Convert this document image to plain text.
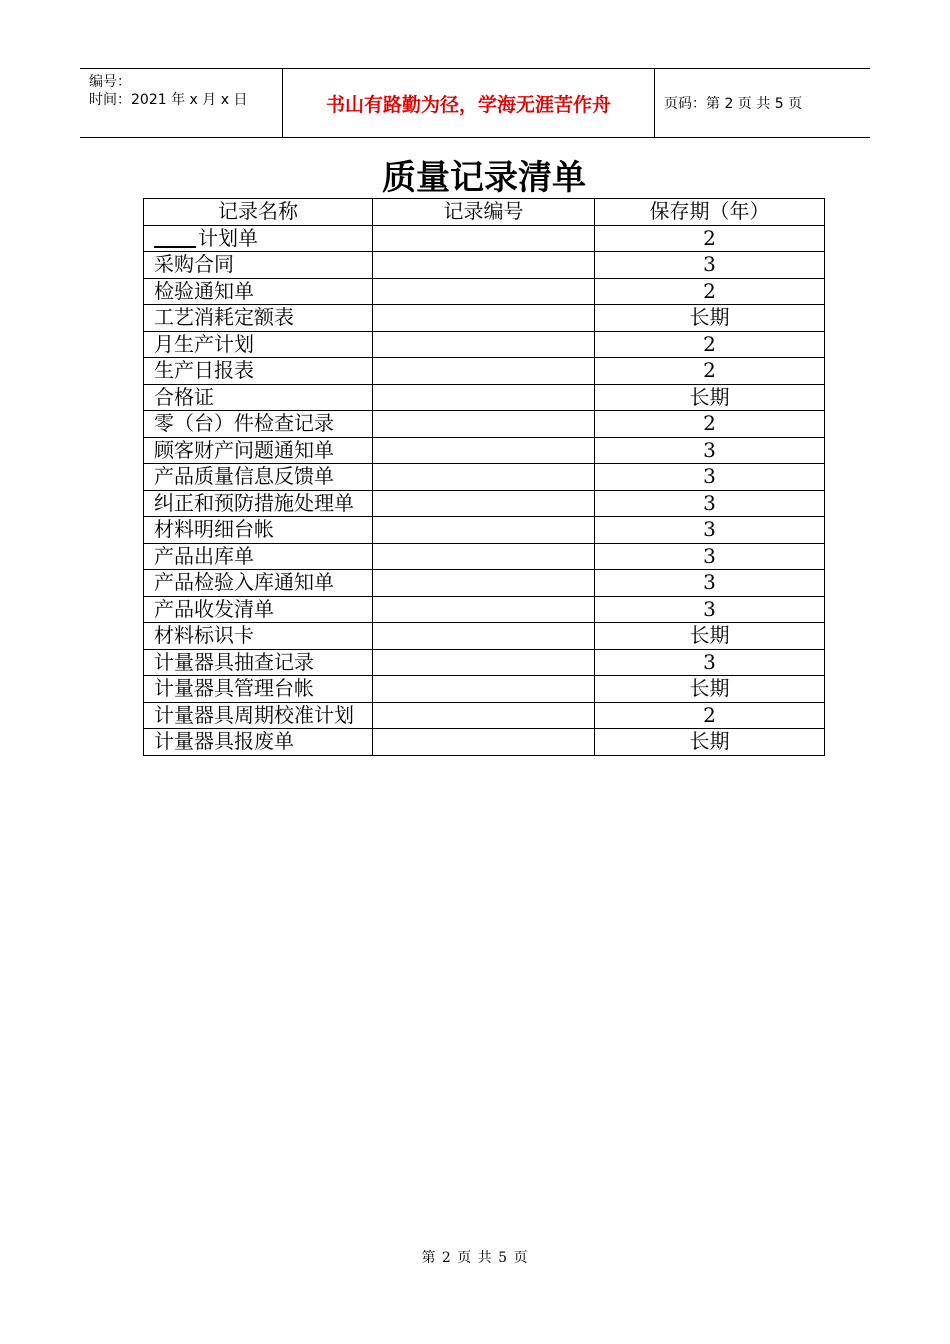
编号：
时间：2021 年 x 月 x 日	书山有路勤为径，学海无涯苦作舟	页码：第 2 页 共 5 页
质量记录清单
记录名称	记录编号	保存期（年）
计划单		2
采购合同		3
检验通知单		2
工艺消耗定额表		长期
月生产计划		2
生产日报表		2
合格证		长期
零（台）件检查记录		2
顾客财产问题通知单		3
产品质量信息反馈单		3
纠正和预防措施处理单		3
材料明细台帐		3
产品出库单		3
产品检验入库通知单		3
产品收发清单		3
材料标识卡		长期
计量器具抽查记录		3
计量器具管理台帐		长期
计量器具周期校准计划		2
计量器具报废单		长期
第 2 页 共 5 页
